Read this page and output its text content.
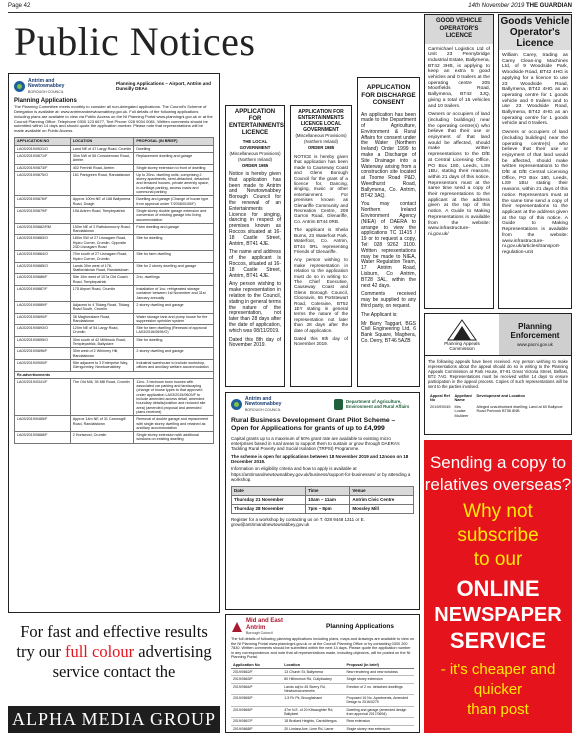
Page 42	14th November 2019 THE GUARDIAN
Public Notices
Antrim and
Newtownabbey
BOROUGH COUNCIL
Planning Applications – Airport, Antrim and Dunsilly DEAs
Planning Applications
The Planning Committee meets monthly to consider all non-delegated applications. The Council’s Scheme of Delegation is available at: www.antrimandnewtownabbey.gov.uk. Full details of the following applications including plans are available to view via Public Access on the NI Planning Portal www.planningni.gov.uk or at the Council Planning Office, Telephone 0300 123 6677, Text Phone: 028 9034 0081. Written comments should be submitted within 14 days and should quote the application number. Please note that representations will be made available on Public Access.
APPLICATION NO	LOCATION	PROPOSAL (IN BRIEF)
LA03/2019/0531/O	Land NE of 47 Largy Road, Crumlin	Dwelling
LA03/2019/0871/F	30m NW of 56 Crosskennan Road, Antrim	Replacement dwelling and garage
LA03/2019/0873/F	402 Fernhill Road, Antrim	Single storey extension to front of dwelling
LA03/2019/0875/O	161 Parkgreen Road, Randalstown	Up to 20no. dwelling units, comprising 2 storey apartments, semi-detached, detached and terraced houses, private amenity space, in-curtilage parking, access roads and communal parking
LA03/2019/0876/F	Approx 100m NE of 168 Ballymena Road, Doagh	Dwelling and garage (Change of house type from approval under T/2008/0105/F)
LA03/2019/0879/F	19A Antrim Road, Templepatrick	Single storey double garage extension and conversion of existing garage into living accommodation
LA03/2019/0882/RM	150m NE of 2 Rathdunmurry Road, Randalstown	Farm dwelling and garage
LA03/2019/0883/O	180m SW of 27 Lisnagarn Road, Hydro Corner, Crumlin. Opposite 24D Lisnagarn Road	Site for dwelling
LA03/2019/0884/O	70m south of 27 Lisnagarn Road, Hydro Corner, Crumlin	Site for farm dwelling
LA03/2019/0885/O	Lands 30m west of 178, Staffordstown Road, Randalstown	Site for 2 storey dwelling and garage
LA03/2019/0886/F	Site 10m west of 107a Old Coach Road, Templepatrick	2no. dwellings
LA03/2019/0887/F	175 Airport Road, Crumlin	Installation of 1no. refrigerated storage container between 1st November and 31st January annually
LA03/2019/0889/F	Adjacent to 4 Tildarg Road, Tildarg Road South, Crumlin	2 storey dwelling and garage
LA03/2019/0890/F	36 Magheralane Road, Randalstown	Water storage tank and pump house for fire suppression sprinkler system
LA03/2019/0893/O	120m NE of 54 Largy Road, Crumlin	Site for farm dwelling (Renewal of approval LA03/2016/0695/O)
LA03/2019/0895/O	30m south of 42 Millbrook Road, Templepatrick, Ballyclare	Site for dwelling
LA03/2019/0896/F	30m west of 2 Whinney Hill, Randalstown	2 storey dwelling and garage
LA03/2019/0900/F	Site adjacent to 3 Enterprise Way, Glengormley, Newtownabbey	Industrial warehouse to include workshop, offices and ancillary welfare accommodation
Re-advertisements		
LA03/2019/0341/F	The Old Mill, 35 Mill Road, Crumlin	11no. 3 bedroom town houses with associated car parking and landscaping (change of house types to that approved under application LA03/2015/0603/F to include amended access detail, amended boundary details/position and reduced site area) (amended proposal and amended plans received)
LA03/2019/0465/F	Approx 14m NE of 31 Carrowgill Road, Randalstown	Removal of double garage and replacement with single storey dwelling and retained as ancillary accommodation
LA03/2019/0868/F	2 Hortwood, Crumlin	Single storey extension with additional windows on existing dwelling
For fast and effective results
try our full colour advertising
service contact the
ALPHA MEDIA GROUP
APPLICATION FOR ENTERTAINMENTS LICENCE
THE LOCAL GOVERNMENT
(Miscellaneous Provisions)
(Northern Ireland)
ORDER 1985

Notice is hereby given that application has been made to Antrim and Newtownabbey Borough Council for the renewal of an Entertainments Licence for singing, dancing in respect of premises known as Roccos situated at 16-18 Castle Street, Antrim, BT41 4JE.

The name and address of the applicant is Roccos, situated at 16-18 Castle Street, Antrim, BT41 4JE.

Any person wishing to make representation in relation to the Council, stating in general terms the nature of the representation, not later than 28 days after the date of application, which was 08/11/2019.

Dated this 8th day of November 2019.

APPLICATION FOR ENTERTAINMENTS LICENCE LOCAL GOVERNMENT
(Miscellaneous Provisions)
(Northern Ireland)
ORDER 1985

NOTICE is hereby given that application has been made to Causeway Coast and Glens Borough Council for the grant of a licence for, Dancing, singing, music or other entertainment. For premises known as Glenariffe Community and Recreation Centre, 208 Garron Road, Glenariffe, Co. Antrim BT44 0RB.

The applicant is Sheila Burns, 23 Waterfoot Park, Waterfoot, Co. Antrim, BT44 0RL representing Friends of Glenariffe.

Any person wishing to make representation in relation to the application must do so in writing to: The Chief Executive, Causeway Coast and Glens Borough Council, Cloonavin, 66 Portstewart Road, Coleraine, BT52 1EY stating in general terms the nature of the representation not later than 28 days after the date of application.

Dated this 8th day of November 2019.

APPLICATION FOR DISCHARGE CONSENT

An application has been made to the Department of Agriculture, Environment & Rural Affairs for consent under the Water (Northern Ireland) Order 1999 to make a Discharge of Site Drainage into a Waterway arising from a construction site located at Toome Road P&D, Weedhurst Road, Ballymena, Co. Antrim, BT42 3AQ.

You may contact Northern Ireland Environment Agency (NIEA) of DAERA to arrange to view the applications TC 11415 / 19 or to request a copy, Tel: 028 9262 3100. Written representations may be made to NIEA, Water Regulation Team, 17 Antrim Road, Lisburn, Co Antrim, BT28 3AL, within the next 42 days.

Comments received may be supplied to any third party, on request.

The Applicant is:

Mr Barry Taggart, BGS Civil Engineering Ltd, 6 Bank Square, Maghera, Co. Derry, BT46 5AZB

GOOD VEHICLE OPERATOR'S LICENCE
Carmichael Logistics Ltd of Unit 23 Pennybridge Industrial Estate, Ballymena, BT42 3HB, is applying to keep an extra 5 good vehicles and 0 trailers at the operating centre 205 Moorfields Road, Ballymena, BT42 3JQ, giving a total of 15 vehicles and 10 trailers.
Owners or occupiers of land (including buildings) near the operating centre(s) who believe that their use or enjoyment of that land would be affected, should make written representations to the DfE at Central Licensing Office, PO Box 180, Leeds, LS9 1BU, stating their reasons, within 21 days of this notice. Representors must at the same time send a copy of their representations to the applicant at the address given at the top of this notice. A Guide to Making Representations is available from the website: www.infrastructure-ni.gov.uk/
Goods Vehicle Operator's Licence
William Carey, trading as Carey Clean-ing Machines Ltd, of 9 Woodside Park, Woodside Road, BT42 4HG is applying for a licence to use 23 Woodside Road, Ballymena, BT42 4HG as an operating centre for 1 goods vehicle and 0 trailers and to use 23 Woodside Road, Ballymena, BT42 4HG as an operating centre for 1 goods vehicle and 0 trailers.
Owners or occupiers of land (including buildings) near the operating centre(s) who believe that their use or enjoyment of that land would be affected, should make written representations to the DfE at DfE Central Licensing Office, PO Box 180, Leeds, LS9 1BU stating their reasons, within 21 days of this notice. Representors must at the same time send a copy of their representations to the applicant at the address given at the top of this notice. A Guide to Making Representations is available from the website: www.infrastructure-ni.gov.uk/articles/transport-regulation-unit
Planning Appeals Commission
Planning Enforcement
www.pacni.gov.uk
The following appeals have been received. Any person wishing to make representations about the appeal should do so in writing to the Planning Appeals Commission at Park House, 87-91 Great Victoria Street, Belfast, BT2 7AG. Representations must be received within 14 days to ensure participation in the appeal process. Copies of such representations will be sent to the parties involved.
Appeal Ref No	Appellant Name	Development and Location
2019/E0045	Mrs Louise McAleer	Alleged unauthorised dwelling; Land at 60 Ballynoe Road Portrush BT56 8NB
Antrim and
Newtownabbey
BOROUGH COUNCIL
Department of Agriculture, Environment and Rural Affairs
Rural Business Development Grant Pilot Scheme – Open for Applications for grants of up to £4,999
Capital grants up to a maximum of 50% grant rate are available to existing micro enterprises based in rural areas to support them to sustain or grow through DAERA’s Tackling Rural Poverty and Social Isolation (TRPSI) Programme.
The scheme is open for applications between 18 November 2019 and 12noon on 18 December 2019.
Information on eligibility criteria and how to apply is available at https://antrimandnewtownabbey.gov.uk/business/support-for-businesses/ or by attending a workshop.
Date	Time	Venue
Thursday 21 November	10am – 11am	Antrim Civic Centre
Thursday 28 November	7pm – 8pm	Mossley Mill
Register for a workshop by contacting us on T. 028 9448 1311 or E. grow@antrimandnewtownabbey.gov.uk
Mid and East
Antrim
Borough Council
Planning Applications
The full details of following planning applications including plans, maps and drawings are available to view on the NI Planning Portal www.planningni.gov.uk or at the Council Planning Office or by contacting 0300 200 7830. Written comments should be submitted within the next 14 days. Please quote the application number in any correspondence and note that all representations made, including objectors, will be posted on the NI Planning Portal.
Application No	Location	Proposal (in brief)
2019/0662/F	13 Church St, Ballymena	New rendering and new windows
2019/0663/F	80 Hillmorrow Rd, Cullybackey	Single storey extension
2019/0664/F	Lands adj to 45 Skerry Rd, Newtowncrommelin	Erection of 2 no. detached dwellings
2019/0665/F	1-5 Fir Pk, Broughshane	Proposed 16 No. Apartments, Amended Design to 2016/0279
2019/0665/F	37m N.E. of 20 Kilwaughter Rd, Ballykeel	Dwelling and garage (amended design from approval 2017/0694)
2019/0667/F	18 Brollard Heights, Carrickfergus	Rear extension
2019/0668/F	20 Lindara Ave, Lime Rd, Larne	Single storey rear extension
Sending a copy to
relatives overseas?
Why not subscribe
to our
ONLINE
NEWSPAPER
SERVICE
- it's cheaper and quicker
than post
